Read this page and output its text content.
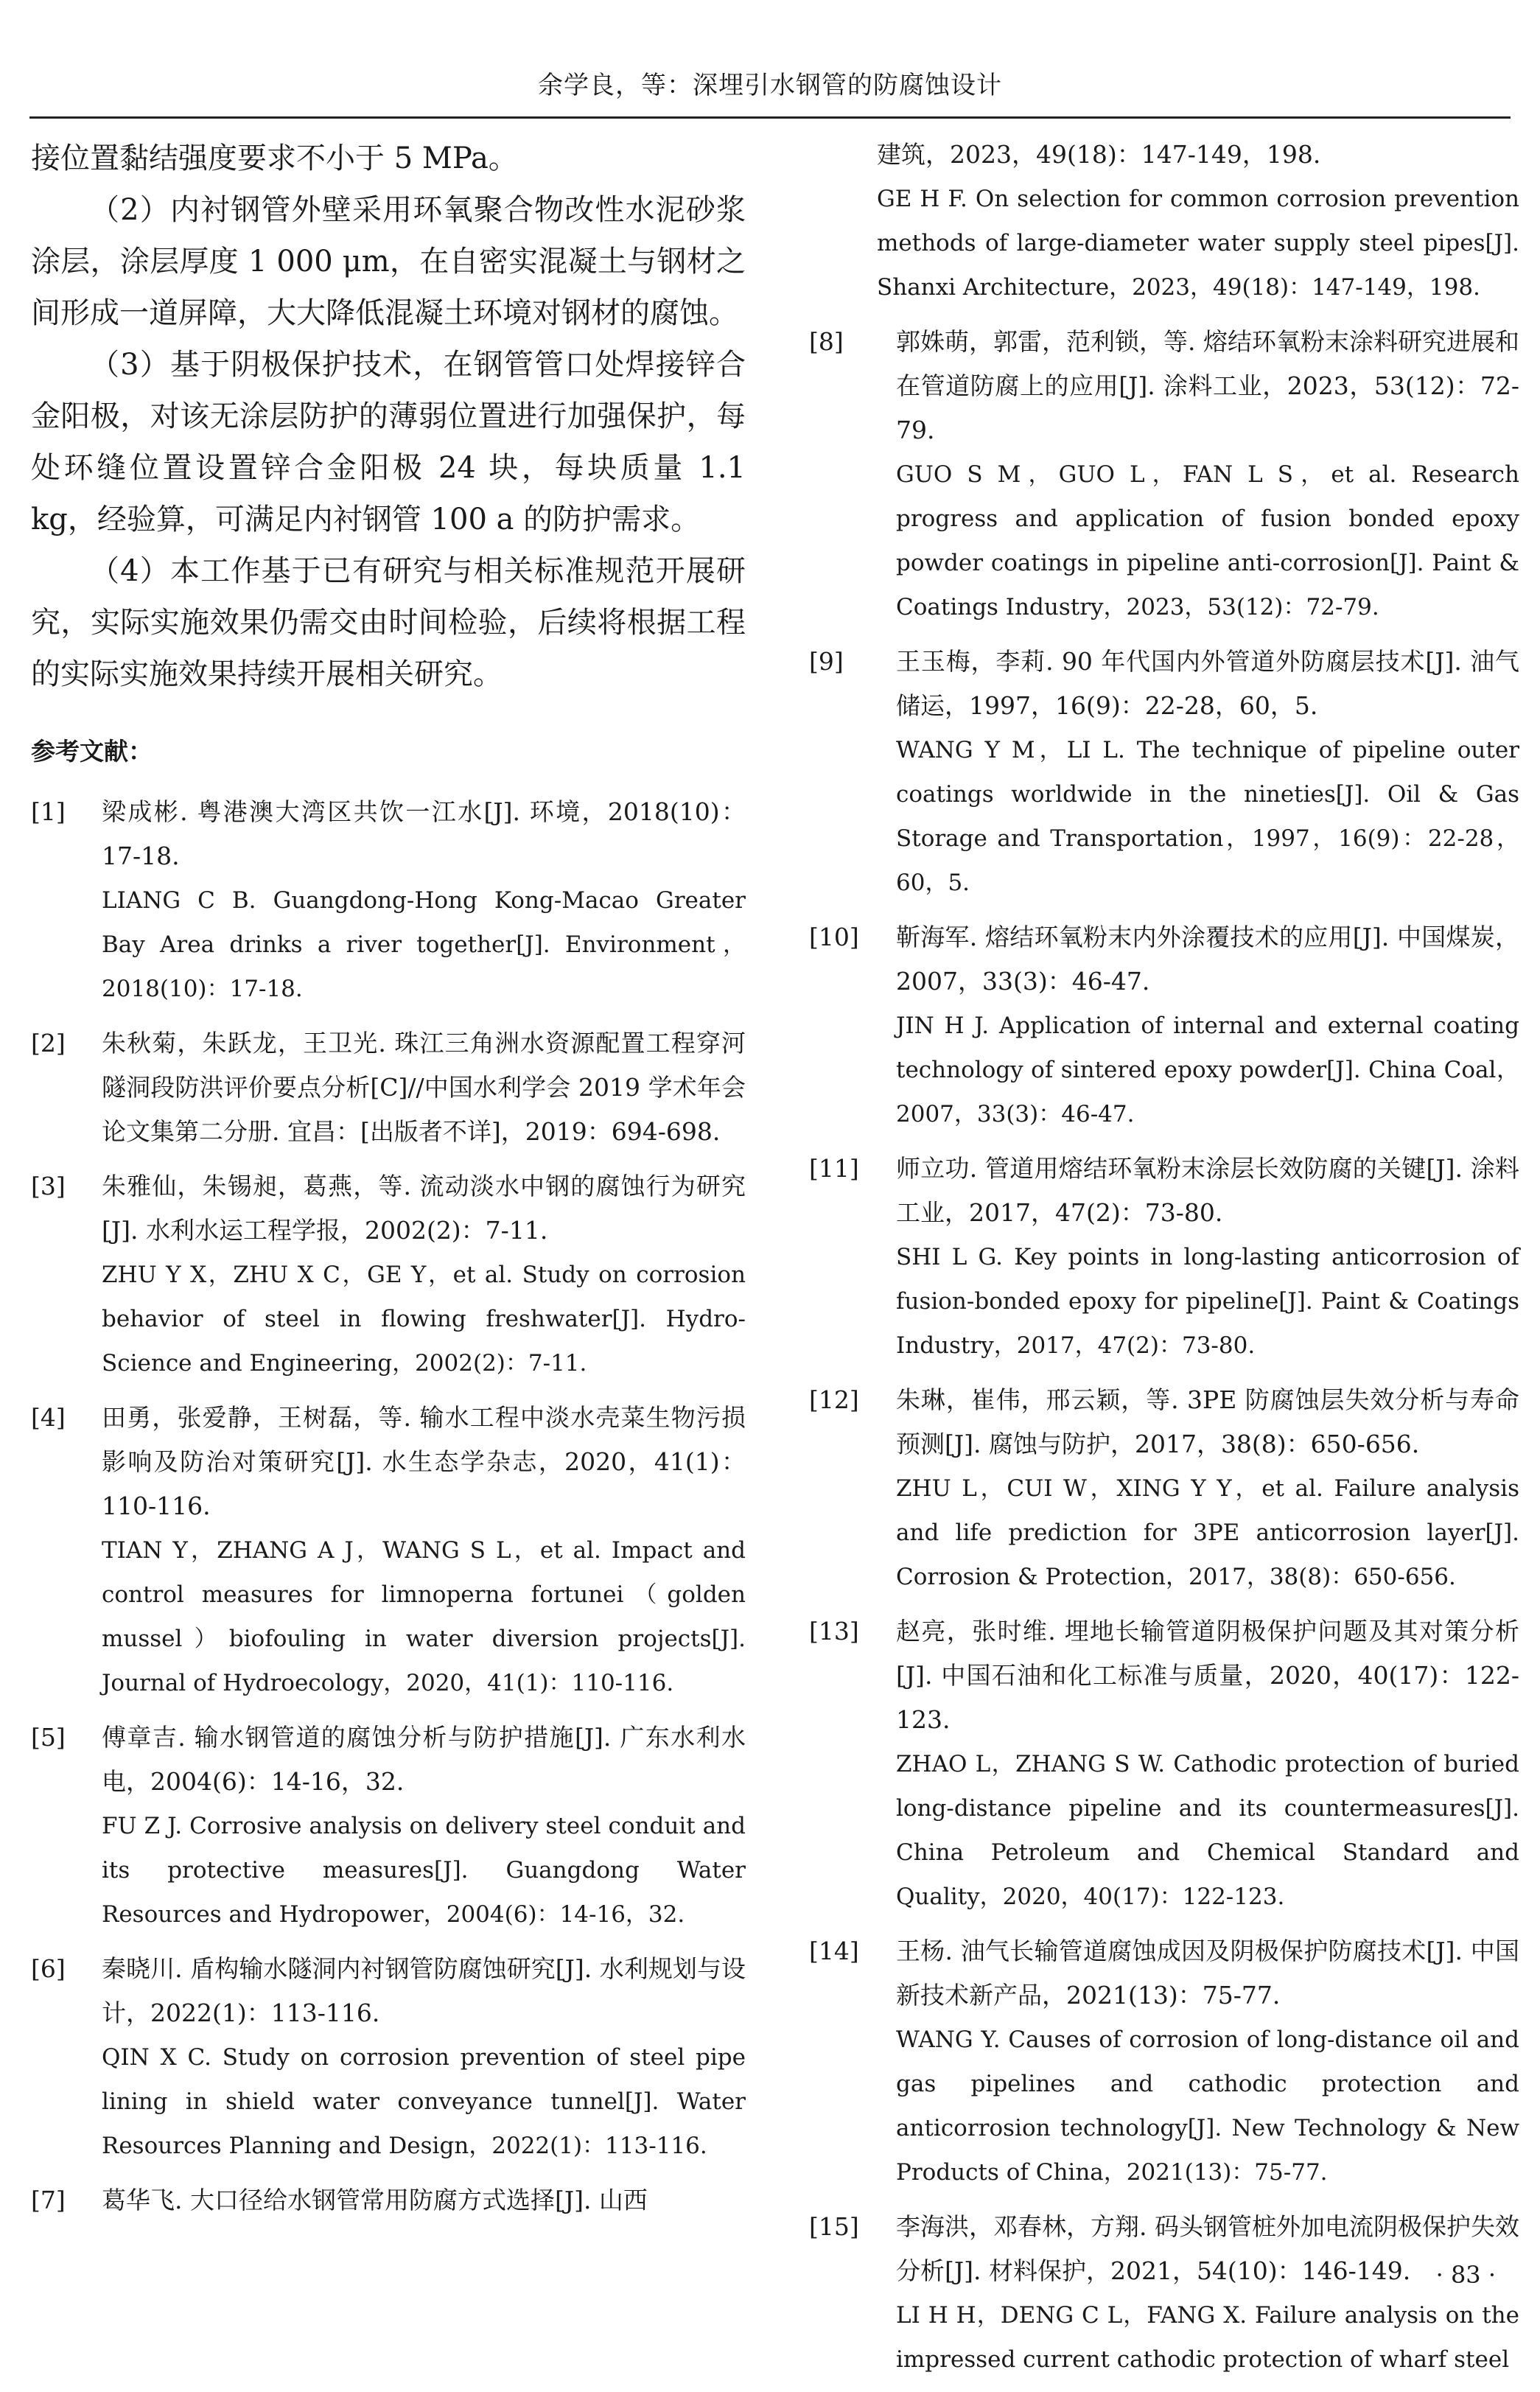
余学良，等：深埋引水钢管的防腐蚀设计

接位置黏结强度要求不小于 5 MPa。

（2）内衬钢管外壁采用环氧聚合物改性水泥砂浆涂层，涂层厚度 1 000 μm，在自密实混凝土与钢材之间形成一道屏障，大大降低混凝土环境对钢材的腐蚀。

（3）基于阴极保护技术，在钢管管口处焊接锌合金阳极，对该无涂层防护的薄弱位置进行加强保护，每处环缝位置设置锌合金阳极 24 块，每块质量 1.1 kg，经验算，可满足内衬钢管 100 a 的防护需求。

（4）本工作基于已有研究与相关标准规范开展研究，实际实施效果仍需交由时间检验，后续将根据工程的实际实施效果持续开展相关研究。

参考文献：
[1] 梁成彬. 粤港澳大湾区共饮一江水[J]. 环境，2018(10)：17-18.

LIANG C B. Guangdong-Hong Kong-Macao Greater Bay Area drinks a river together[J]. Environment，2018(10)：17-18.

[2] 朱秋菊，朱跃龙，王卫光. 珠江三角洲水资源配置工程穿河隧洞段防洪评价要点分析[C]//中国水利学会 2019 学术年会论文集第二分册. 宜昌：[出版者不详]，2019：694-698.

[3] 朱雅仙，朱锡昶，葛燕，等. 流动淡水中钢的腐蚀行为研究[J]. 水利水运工程学报，2002(2)：7-11.

ZHU Y X，ZHU X C，GE Y，et al. Study on corrosion behavior of steel in flowing freshwater[J]. Hydro-Science and Engineering，2002(2)：7-11.

[4] 田勇，张爱静，王树磊，等. 输水工程中淡水壳菜生物污损影响及防治对策研究[J]. 水生态学杂志，2020，41(1)：110-116.

TIAN Y，ZHANG A J，WANG S L，et al. Impact and control measures for limnoperna fortunei（golden mussel）biofouling in water diversion projects[J]. Journal of Hydroecology，2020，41(1)：110-116.

[5] 傅章吉. 输水钢管道的腐蚀分析与防护措施[J]. 广东水利水电，2004(6)：14-16，32.

FU Z J. Corrosive analysis on delivery steel conduit and its protective measures[J]. Guangdong Water Resources and Hydropower，2004(6)：14-16，32.

[6] 秦晓川. 盾构输水隧洞内衬钢管防腐蚀研究[J]. 水利规划与设计，2022(1)：113-116.

QIN X C. Study on corrosion prevention of steel pipe lining in shield water conveyance tunnel[J]. Water Resources Planning and Design，2022(1)：113-116.

[7] 葛华飞. 大口径给水钢管常用防腐方式选择[J]. 山西

建筑，2023，49(18)：147-149，198.

GE H F. On selection for common corrosion prevention methods of large-diameter water supply steel pipes[J]. Shanxi Architecture，2023，49(18)：147-149，198.

[8] 郭姝萌，郭雷，范利锁，等. 熔结环氧粉末涂料研究进展和在管道防腐上的应用[J]. 涂料工业，2023，53(12)：72-79.

GUO S M，GUO L，FAN L S，et al. Research progress and application of fusion bonded epoxy powder coatings in pipeline anti-corrosion[J]. Paint & Coatings Industry，2023，53(12)：72-79.

[9] 王玉梅，李莉. 90 年代国内外管道外防腐层技术[J]. 油气储运，1997，16(9)：22-28，60，5.

WANG Y M，LI L. The technique of pipeline outer coatings worldwide in the nineties[J]. Oil & Gas Storage and Transportation，1997，16(9)：22-28，60，5.

[10] 靳海军. 熔结环氧粉末内外涂覆技术的应用[J]. 中国煤炭，2007，33(3)：46-47.

JIN H J. Application of internal and external coating technology of sintered epoxy powder[J]. China Coal，2007，33(3)：46-47.

[11] 师立功. 管道用熔结环氧粉末涂层长效防腐的关键[J]. 涂料工业，2017，47(2)：73-80.

SHI L G. Key points in long-lasting anticorrosion of fusion-bonded epoxy for pipeline[J]. Paint & Coatings Industry，2017，47(2)：73-80.

[12] 朱琳，崔伟，邢云颖，等. 3PE 防腐蚀层失效分析与寿命预测[J]. 腐蚀与防护，2017，38(8)：650-656.

ZHU L，CUI W，XING Y Y，et al. Failure analysis and life prediction for 3PE anticorrosion layer[J]. Corrosion & Protection，2017，38(8)：650-656.

[13] 赵亮，张时维. 埋地长输管道阴极保护问题及其对策分析[J]. 中国石油和化工标准与质量，2020，40(17)：122-123.

ZHAO L，ZHANG S W. Cathodic protection of buried long-distance pipeline and its countermeasures[J]. China Petroleum and Chemical Standard and Quality，2020，40(17)：122-123.

[14] 王杨. 油气长输管道腐蚀成因及阴极保护防腐技术[J]. 中国新技术新产品，2021(13)：75-77.

WANG Y. Causes of corrosion of long-distance oil and gas pipelines and cathodic protection and anticorrosion technology[J]. New Technology & New Products of China，2021(13)：75-77.

[15] 李海洪，邓春林，方翔. 码头钢管桩外加电流阴极保护失效分析[J]. 材料保护，2021，54(10)：146-149.

LI H H，DENG C L，FANG X. Failure analysis on the impressed current cathodic protection of wharf steel

· 83 ·
